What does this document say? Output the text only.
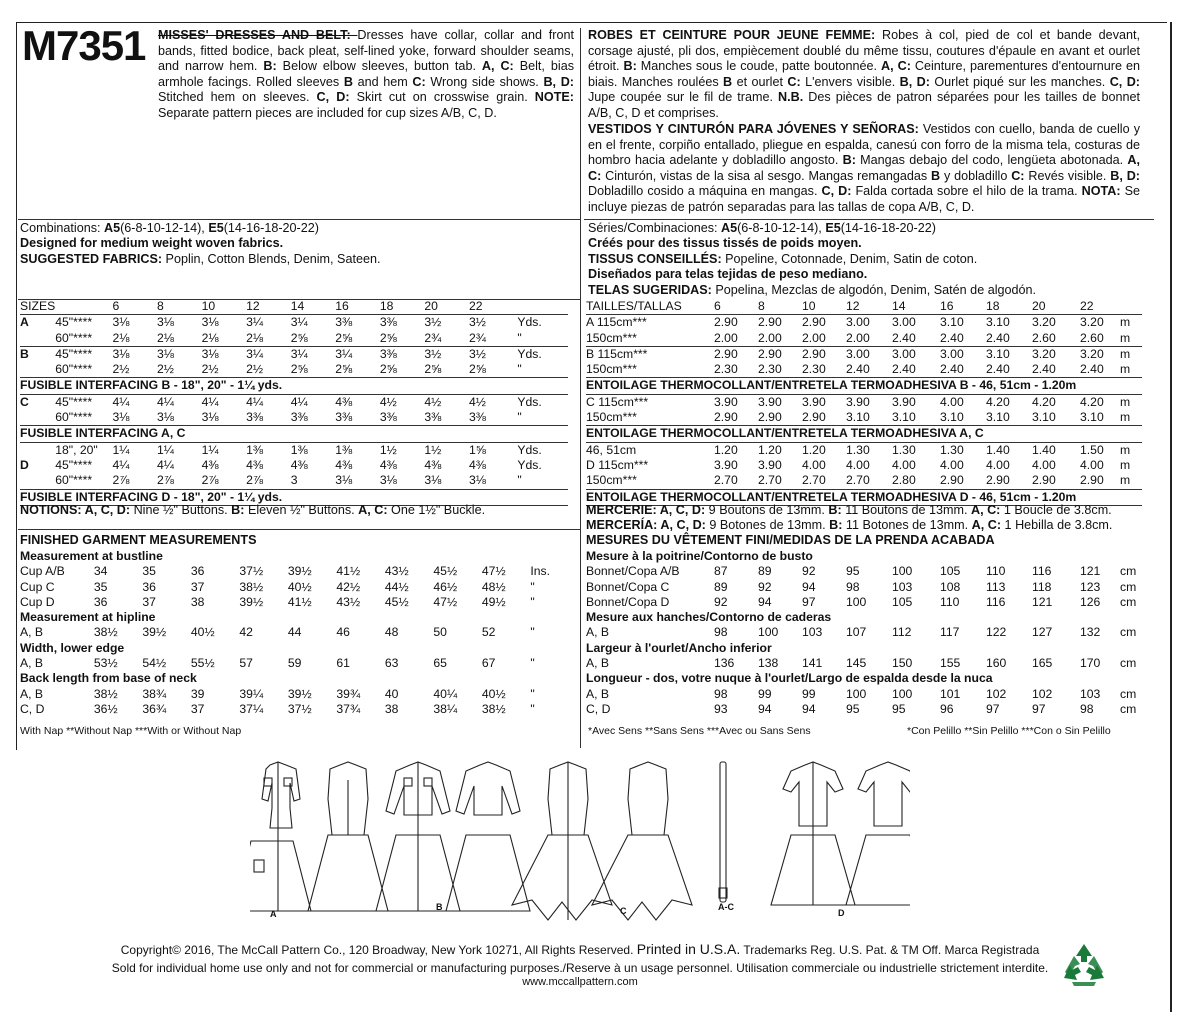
M7351 MISSES' DRESSES AND BELT: Dresses have collar, collar and front bands, fitted bodice, back pleat, self-lined yoke, forward shoulder seams, and narrow hem. B: Below elbow sleeves, button tab. A, C: Belt, bias armhole facings. Rolled sleeves B and hem C: Wrong side shows. B, D: Stitched hem on sleeves. C, D: Skirt cut on crosswise grain. NOTE: Separate pattern pieces are included for cup sizes A/B, C, D.
ROBES ET CEINTURE POUR JEUNE FEMME: Robes à col, pied de col et bande devant, corsage ajusté, pli dos, empiècement doublé du même tissu, coutures d'épaule en avant et ourlet étroit. B: Manches sous le coude, patte boutonnée. A, C: Ceinture, parementures d'entournure en biais. Manches roulées B et ourlet C: L'envers visible. B, D: Ourlet piqué sur les manches. C, D: Jupe coupée sur le fil de trame. N.B. Des pièces de patron séparées pour les tailles de bonnet A/B, C, D et comprises.
VESTIDOS Y CINTURÓN PARA JÓVENES Y SEÑORAS: Vestidos con cuello, banda de cuello y en el frente, corpiño entallado, pliegue en espalda, canesú con forro de la misma tela, costuras de hombro hacia adelante y dobladillo angosto. B: Mangas debajo del codo, lengüeta abotonada. A, C: Cinturón, vistas de la sisa al sesgo. Mangas remangadas B y dobladillo C: Revés visible. B, D: Dobladillo cosido a máquina en mangas. C, D: Falda cortada sobre el hilo de la trama. NOTA: Se incluye piezas de patrón separadas para las tallas de copa A/B, C, D.
Combinations: A5(6-8-10-12-14), E5(14-16-18-20-22)
Designed for medium weight woven fabrics.
SUGGESTED FABRICS: Poplin, Cotton Blends, Denim, Sateen.
Séries/Combinaciones: A5(6-8-10-12-14), E5(14-16-18-20-22)
Créés pour des tissus tissés de poids moyen.
TISSUS CONSEILLÉS: Popeline, Cotonnade, Denim, Satin de coton.
Diseñados para telas tejidas de peso mediano.
TELAS SUGERIDAS: Popelina, Mezclas de algodón, Denim, Satén de algodón.
SIZES		6	8	10	12	14	16	18	20	22	
A	45"****	3⅛	3⅛	3⅛	3¼	3¼	3⅜	3⅜	3½	3½	Yds.
	60"****	2⅛	2⅛	2⅛	2⅛	2⅝	2⅝	2⅝	2¾	2¾	"
B	45"****	3⅛	3⅛	3⅛	3¼	3¼	3¼	3⅜	3½	3½	Yds.
	60"****	2½	2½	2½	2½	2⅝	2⅝	2⅝	2⅝	2⅝	"
FUSIBLE INTERFACING B - 18", 20" - 1¼ yds.											
C	45"****	4¼	4¼	4¼	4¼	4¼	4⅜	4½	4½	4½	Yds.
	60"****	3⅛	3⅛	3⅛	3⅜	3⅜	3⅜	3⅜	3⅜	3⅜	"
FUSIBLE INTERFACING A, C											
	18", 20"	1¼	1¼	1¼	1⅜	1⅜	1⅜	1½	1½	1⅝	Yds.
D	45"****	4¼	4¼	4⅜	4⅜	4⅜	4⅜	4⅜	4⅜	4⅜	Yds.
	60"****	2⅞	2⅞	2⅞	2⅞	3	3⅛	3⅛	3⅛	3⅛	"
FUSIBLE INTERFACING D - 18", 20" - 1¼ yds.											
TAILLES/TALLAS	6	8	10	12	14	16	18	20	22	
A 115cm***	2.90	2.90	2.90	3.00	3.00	3.10	3.10	3.20	3.20	m
150cm***	2.00	2.00	2.00	2.00	2.40	2.40	2.40	2.60	2.60	m
B 115cm***	2.90	2.90	2.90	3.00	3.00	3.00	3.10	3.20	3.20	m
150cm***	2.30	2.30	2.30	2.40	2.40	2.40	2.40	2.40	2.40	m
ENTOILAGE THERMOCOLLANT/ENTRETELA TERMOADHESIVA B - 46, 51cm - 1.20m										
C 115cm***	3.90	3.90	3.90	3.90	3.90	4.00	4.20	4.20	4.20	m
150cm***	2.90	2.90	2.90	3.10	3.10	3.10	3.10	3.10	3.10	m
ENTOILAGE THERMOCOLLANT/ENTRETELA TERMOADHESIVA A, C										
46, 51cm	1.20	1.20	1.20	1.30	1.30	1.30	1.40	1.40	1.50	m
D 115cm***	3.90	3.90	4.00	4.00	4.00	4.00	4.00	4.00	4.00	m
150cm***	2.70	2.70	2.70	2.70	2.80	2.90	2.90	2.90	2.90	m
ENTOILAGE THERMOCOLLANT/ENTRETELA TERMOADHESIVA D - 46, 51cm - 1.20m										
NOTIONS: A, C, D: Nine ½" Buttons. B: Eleven ½" Buttons. A, C: One 1½" Buckle.	MERCERIE: A, C, D: 9 Boutons de 13mm. B: 11 Boutons de 13mm. A, C: 1 Boucle de 3.8cm.
MERCERÍA: A, C, D: 9 Botones de 13mm. B: 11 Botones de 13mm. A, C: 1 Hebilla de 3.8cm.
FINISHED GARMENT MEASUREMENTS
Measurement at bustline										
Cup A/B	34	35	36	37½	39½	41½	43½	45½	47½	Ins.
Cup C	35	36	37	38½	40½	42½	44½	46½	48½	"
Cup D	36	37	38	39½	41½	43½	45½	47½	49½	"
Measurement at hipline										
A, B	38½	39½	40½	42	44	46	48	50	52	"
Width, lower edge										
A, B	53½	54½	55½	57	59	61	63	65	67	"
Back length from base of neck										
A, B	38½	38¾	39	39¼	39½	39¾	40	40¼	40½	"
C, D	36½	36¾	37	37¼	37½	37¾	38	38¼	38½	"
MESURES DU VÊTEMENT FINI/MEDIDAS DE LA PRENDA ACABADA
Mesure à la poitrine/Contorno de busto										
Bonnet/Copa A/B	87	89	92	95	100	105	110	116	121	cm
Bonnet/Copa C	89	92	94	98	103	108	113	118	123	cm
Bonnet/Copa D	92	94	97	100	105	110	116	121	126	cm
Mesure aux hanches/Contorno de caderas										
A, B	98	100	103	107	112	117	122	127	132	cm
Largeur à l'ourlet/Ancho inferior										
A, B	136	138	141	145	150	155	160	165	170	cm
Longueur - dos, votre nuque à l'ourlet/Largo de espalda desde la nuca										
A, B	98	99	99	100	100	101	102	102	103	cm
C, D	93	94	94	95	95	96	97	97	98	cm
With Nap **Without Nap ***With or Without Nap	*Avec Sens **Sans Sens ***Avec ou Sans Sens	*Con Pelillo **Sin Pelillo ***Con o Sin Pelillo
A
B	C	A-C
D
Copyright© 2016, The McCall Pattern Co., 120 Broadway, New York 10271, All Rights Reserved. Printed in U.S.A. Trademarks Reg. U.S. Pat. & TM Off. Marca Registrada
Sold for individual home use only and not for commercial or manufacturing purposes./Reserve à un usage personnel. Utilisation commerciale ou industrielle strictement interdite.
www.mccallpattern.com
